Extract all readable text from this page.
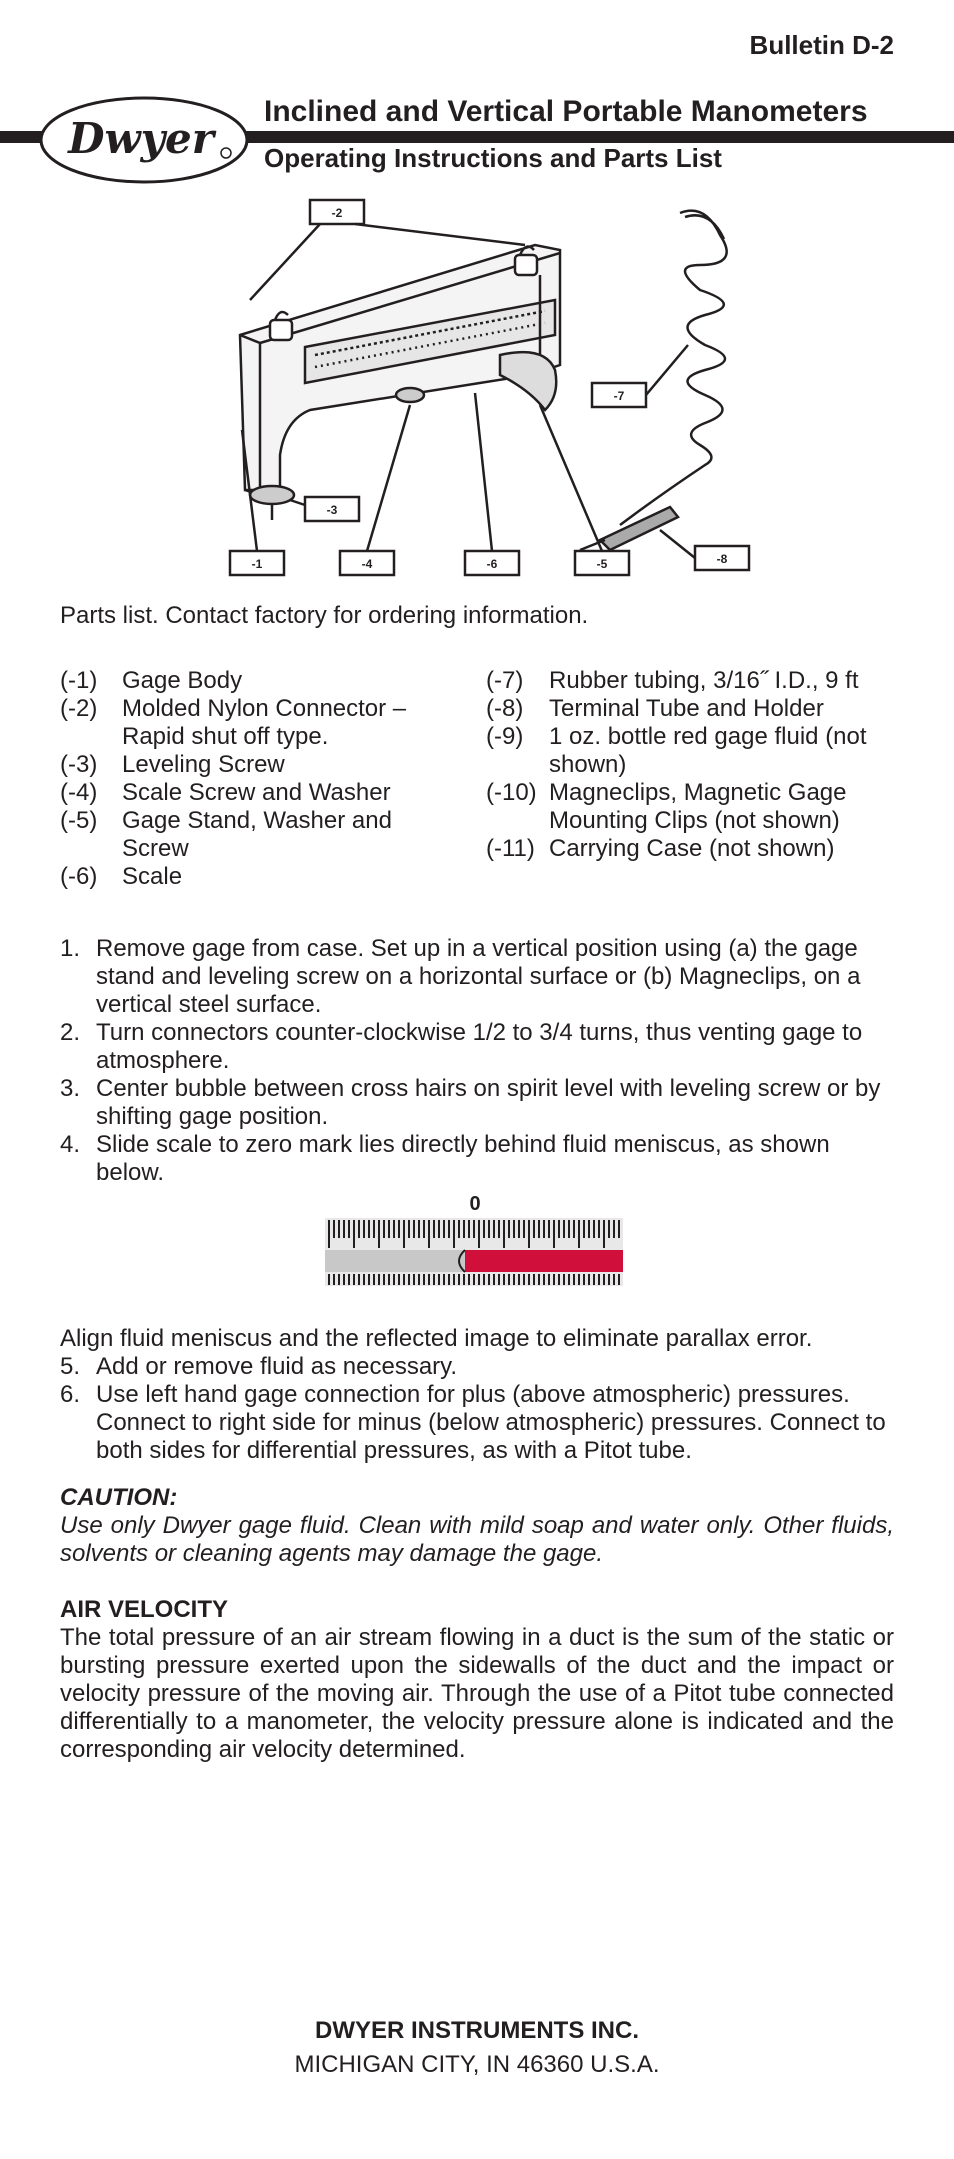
Bulletin D-2
Dwyer
Inclined and Vertical Portable Manometers
Operating Instructions and Parts List
-2
-7
-3
-1	-4	-6	-5	-8

Parts list. Contact factory for ordering information.

(-1)	Gage Body
(-2)	Molded Nylon Connector – Rapid shut off type.
(-3)	Leveling Screw
(-4)	Scale Screw and Washer
(-5)	Gage Stand, Washer and Screw
(-6)	Scale
(-7)	Rubber tubing, 3/16˝ I.D., 9 ft
(-8)	Terminal Tube and Holder
(-9)	1 oz. bottle red gage fluid (not shown)
(-10) Magneclips, Magnetic Gage Mounting Clips (not shown)
(-11) Carrying Case (not shown)
1. Remove gage from case. Set up in a vertical position using (a) the gage stand and leveling screw on a horizontal surface or (b) Magneclips, on a vertical steel surface.
2. Turn connectors counter-clockwise 1/2 to 3/4 turns, thus venting gage to atmosphere.
3. Center bubble between cross hairs on spirit level with leveling screw or by shifting gage position.
4. Slide scale to zero mark lies directly behind fluid meniscus, as shown below.
0

Align fluid meniscus and the reflected image to eliminate parallax error.

5. Add or remove fluid as necessary.
6. Use left hand gage connection for plus (above atmospheric) pressures. Connect to right side for minus (below atmospheric) pressures. Connect to both sides for differential pressures, as with a Pitot tube.

CAUTION:

Use only Dwyer gage fluid. Clean with mild soap and water only. Other fluids, solvents or cleaning agents may damage the gage.

AIR VELOCITY

The total pressure of an air stream flowing in a duct is the sum of the static or bursting pressure exerted upon the sidewalls of the duct and the impact or velocity pressure of the moving air. Through the use of a Pitot tube connected differentially to a manometer, the velocity pressure alone is indicated and the corresponding air velocity determined.

DWYER INSTRUMENTS INC.

MICHIGAN CITY, IN 46360 U.S.A.
